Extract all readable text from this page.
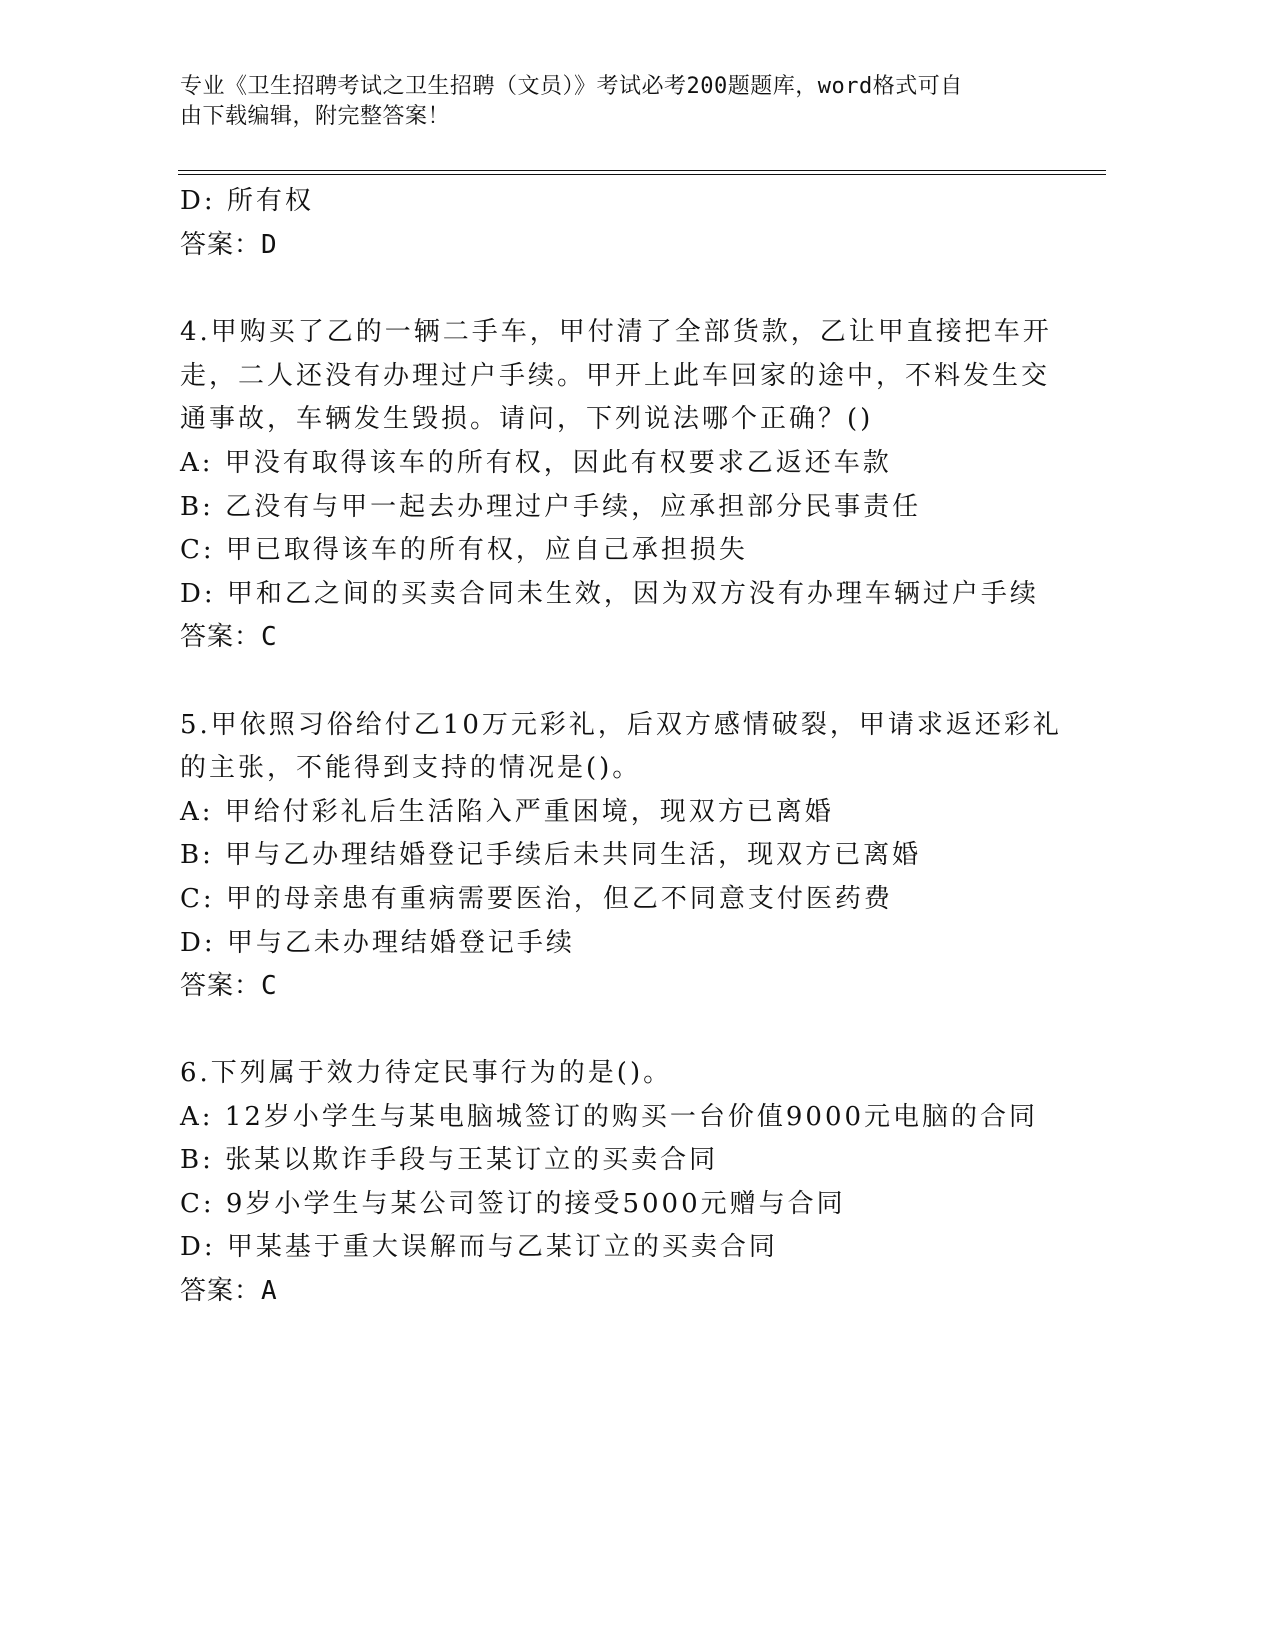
专业《卫生招聘考试之卫生招聘（文员）》考试必考200题题库，word格式可自
由下载编辑，附完整答案！
D: 所有权
答案：D
4.甲购买了乙的一辆二手车，甲付清了全部货款，乙让甲直接把车开
走，二人还没有办理过户手续。甲开上此车回家的途中，不料发生交
通事故，车辆发生毁损。请问，下列说法哪个正确？()
A: 甲没有取得该车的所有权，因此有权要求乙返还车款
B: 乙没有与甲一起去办理过户手续，应承担部分民事责任
C: 甲已取得该车的所有权，应自己承担损失
D: 甲和乙之间的买卖合同未生效，因为双方没有办理车辆过户手续
答案：C
5.甲依照习俗给付乙10万元彩礼，后双方感情破裂，甲请求返还彩礼
的主张，不能得到支持的情况是()。
A: 甲给付彩礼后生活陷入严重困境，现双方已离婚
B: 甲与乙办理结婚登记手续后未共同生活，现双方已离婚
C: 甲的母亲患有重病需要医治，但乙不同意支付医药费
D: 甲与乙未办理结婚登记手续
答案：C
6.下列属于效力待定民事行为的是()。
A: 12岁小学生与某电脑城签订的购买一台价值9000元电脑的合同
B: 张某以欺诈手段与王某订立的买卖合同
C: 9岁小学生与某公司签订的接受5000元赠与合同
D: 甲某基于重大误解而与乙某订立的买卖合同
答案：A
